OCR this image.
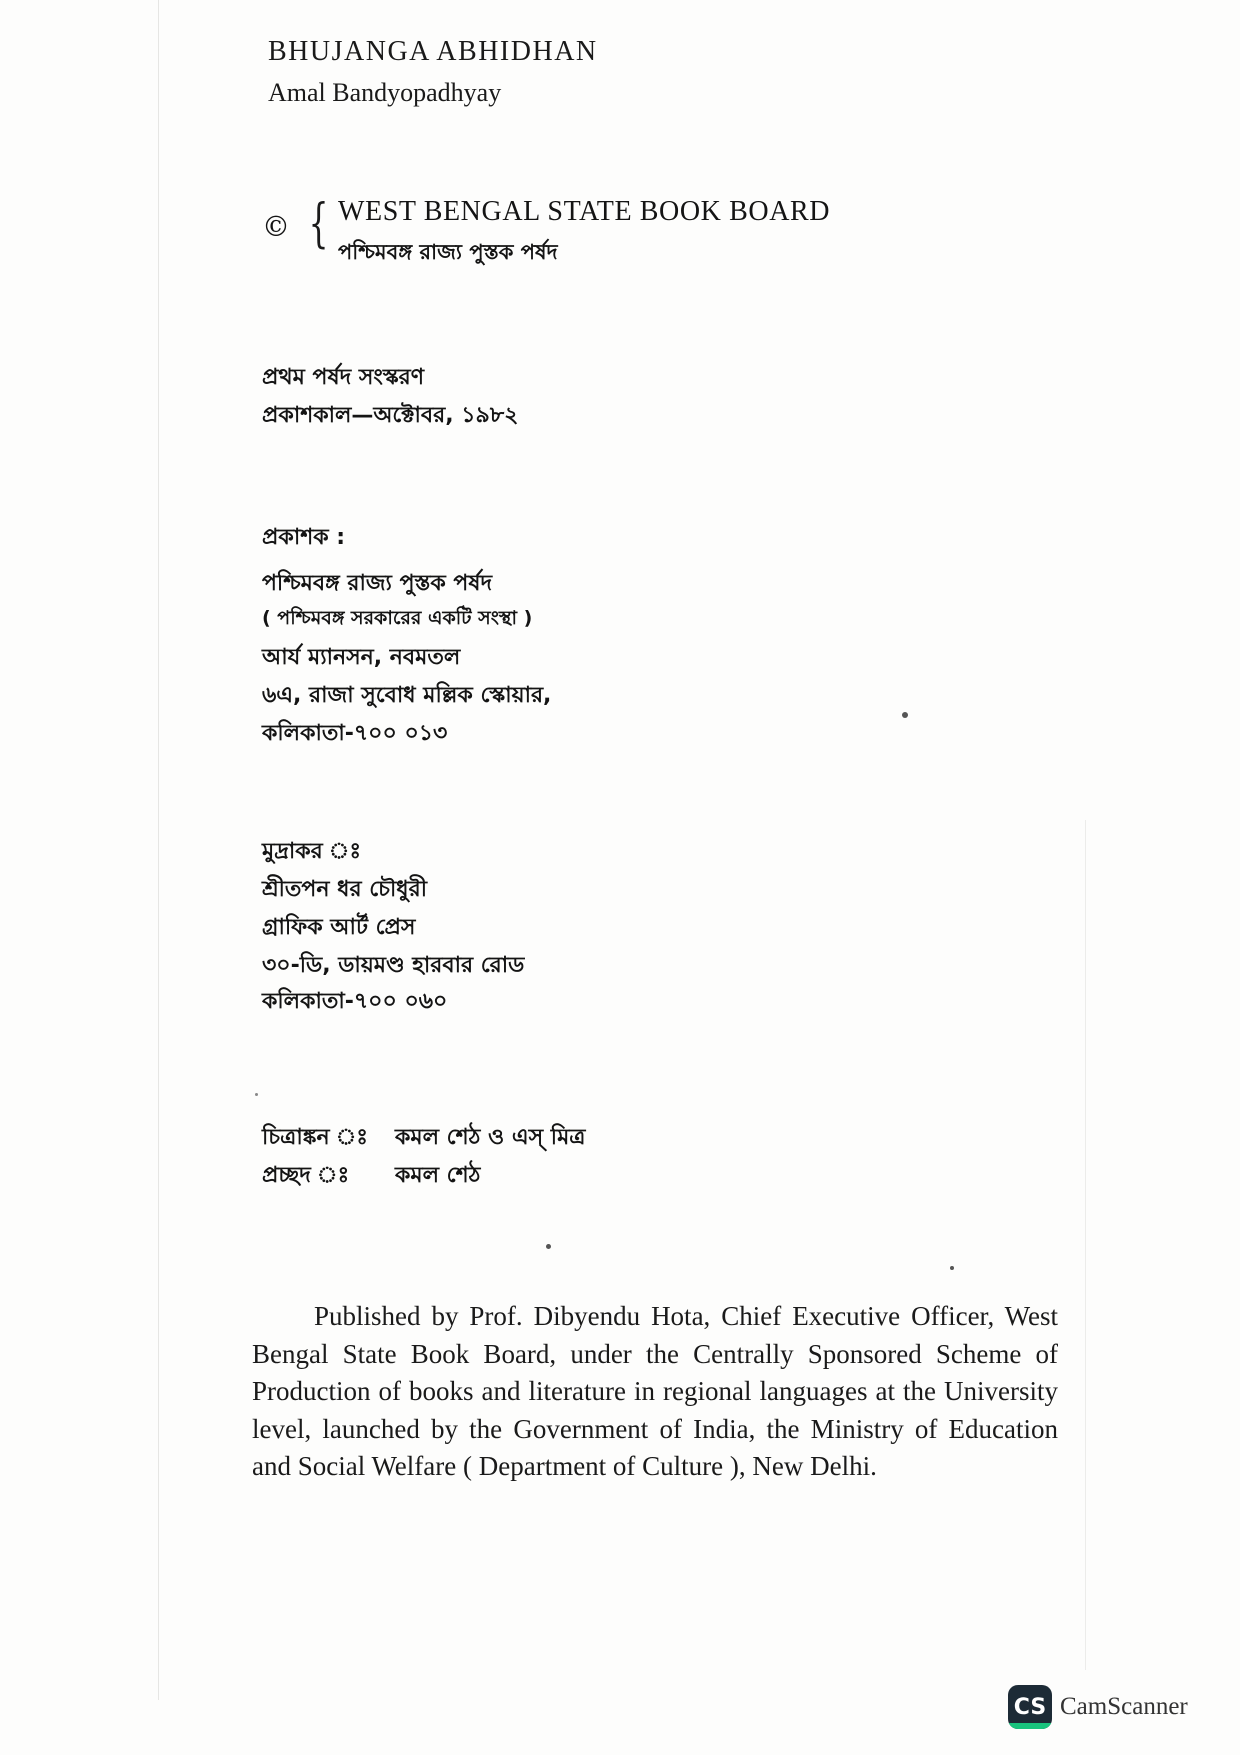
BHUJANGA ABHIDHAN
Amal Bandyopadhyay
© { WEST BENGAL STATE BOOK BOARD
পশ্চিমবঙ্গ রাজ্য পুস্তক পর্ষদ
প্রথম পর্ষদ সংস্করণ
প্রকাশকাল—অক্টোবর, ১৯৮২
প্রকাশক :
পশ্চিমবঙ্গ রাজ্য পুস্তক পর্ষদ
( পশ্চিমবঙ্গ সরকারের একটি সংস্থা )
আর্য ম্যানসন, নবমতল
৬এ, রাজা সুবোধ মল্লিক স্কোয়ার,
কলিকাতা-৭০০ ০১৩
মুদ্রাকর ঃ
শ্রীতপন ধর চৌধুরী
গ্রাফিক আর্ট প্রেস
৩০-ডি, ডায়মণ্ড হারবার রোড
কলিকাতা-৭০০ ০৬০
চিত্রাঙ্কন ঃ কমল শেঠ ও এস্‌ মিত্র
প্রচ্ছদ ঃ কমল শেঠ
Published by Prof. Dibyendu Hota, Chief Executive Officer, West Bengal State Book Board, under the Centrally Sponsored Scheme of Production of books and literature in regional languages at the University level, launched by the Government of India, the Ministry of Education and Social Welfare ( Department of Culture ), New Delhi.
CS CamScanner
